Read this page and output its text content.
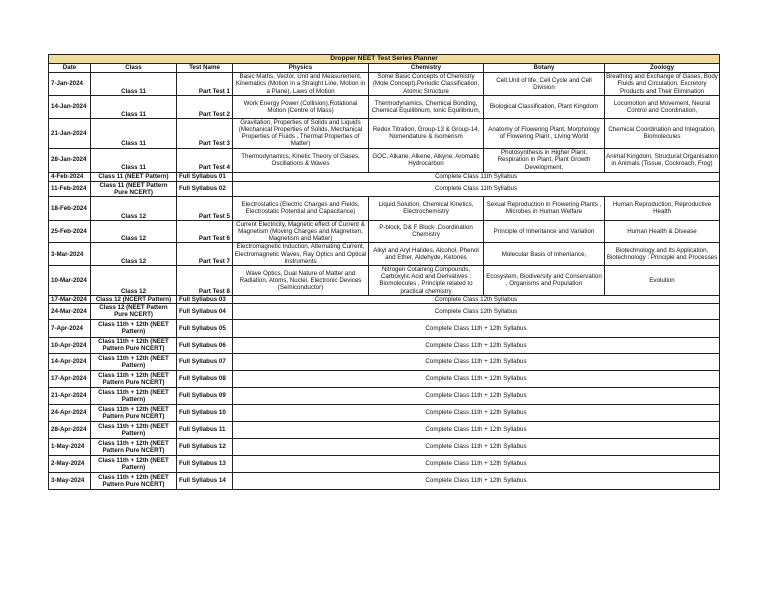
Dropper NEET Test Series Planner						
Date	Class	Test Name	Physics	Chemistry	Botany	Zoology
7-Jan-2024	Class 11	Part Test 1	Basic Maths, Vector, Unit and Measurement, Kinematics (Motion in a Straight Line, Motion in a Plane), Laws of Motion	Some Basic Concepts of Chemistry (Mole Concept),Periodic Classification, Atomic Structure	Cell:Unit of life, Cell Cycle and Cell Division	Breathing and Exchange of Gases, Body Fluids and Circulation, Excretory Products and Their Elimination
14-Jan-2024	Class 11	Part Test 2	Work Energy Power (Collision),Rotational Motion (Centre of Mass)	Thermodynamics, Chemical Bonding, Chemical Equilibrium, Ionic Equilibrium,	Biological Classification, Plant Kingdom	Locomotion and Movement, Neural Control and Coordination,
21-Jan-2024	Class 11	Part Test 3	Gravitation, Properties of Solids and Liquids (Mechanical Properties of Solids, Mechanical Properties of Fluids , Thermal Properties of Matter)	Redox Titration, Group-13 & Group-14, Nomendature & Isomerism	Anatomy of Flowering Plant, Morphology of Flowering Plant , Living World	Chemical Coordination and Integration, Biomolecules
28-Jan-2024	Class 11	Part Test 4	Thermodynamics, Kinetic Theory of Gases, Oscillations & Waves	GOC, Alkane, Alkene, Alkyne, Aromatic Hydrocarbon	Photosynthesis in Higher Plant, Respiration in Plant, Plant Growth Development,	Animal Kingdom, Structural Organisation in Animals (Tissue, Cockroach, Frog)
4-Feb-2024	Class 11 (NEET Pattern)	Full Syllabus 01	Complete Class 11th Syllabus			
11-Feb-2024	Class 11 (NEET Pattern Pure NCERT)	Full Syllabus 02	Complete Class 11th Syllabus			
18-Feb-2024	Class 12	Part Test 5	Electrostatics (Electric Charges and Fields, Electrostatic Potential and Capacitance)	Liquid Solution, Chemical Kinetics, Electrochemistry	Sexual Reproduction in Flowering Plants , Microbes in Human Welfare	Human Reproduction, Reproductive Health
25-Feb-2024	Class 12	Part Test 6	Current Electricity, Magnetic effect of Current & Magnetism (Moving Charges and Magnetism, Magnetism and Matter)	P-block, D& F Block ,Coordination Chemistry	Principle of Inheritance and Variation	Human Health & Disease
3-Mar-2024	Class 12	Part Test 7	Electromagnetic Induction, Alternating Current, Electromagnetic Waves, Ray Optics and Optical Instruments	Alkyl and Aryl Halides, Alcohol, Phenol and Ether, Aldehyde, Ketones	Molecular Basis of Inheritance,	Biotechnology and Its Application, Biotechnology : Principle and Processes
10-Mar-2024	Class 12	Part Test 8	Wave Optics, Dual Nature of Matter and Radiation, Atoms, Nuclei, Electronic Devices (Semiconductor)	Nitrogen Cotaining Compounds, Carboxylic Acid and Derivatives , Biomolecules , Principle related to practical chemistry	Ecosystem, Biodiversity and Conservation , Organisms and Population	Evolution
17-Mar-2024	Class 12 (NCERT Pattern)	Full Syllabus 03	Complete Class 12th Syllabus			
24-Mar-2024	Class 12 (NEET Pattern Pure NCERT)	Full Syllabus 04	Complete Class 12th Syllabus			
7-Apr-2024	Class 11th + 12th (NEET Pattern)	Full Syllabus 05	Complete Class 11th + 12th Syllabus			
10-Apr-2024	Class 11th + 12th (NEET Pattern Pure NCERT)	Full Syllabus 06	Complete Class 11th + 12th Syllabus			
14-Apr-2024	Class 11th + 12th (NEET Pattern)	Full Syllabus 07	Complete Class 11th + 12th Syllabus			
17-Apr-2024	Class 11th + 12th (NEET Pattern Pure NCERT)	Full Syllabus 08	Complete Class 11th + 12th Syllabus			
21-Apr-2024	Class 11th + 12th (NEET Pattern)	Full Syllabus 09	Complete Class 11th + 12th Syllabus			
24-Apr-2024	Class 11th + 12th (NEET Pattern Pure NCERT)	Full Syllabus 10	Complete Class 11th + 12th Syllabus			
28-Apr-2024	Class 11th + 12th (NEET Pattern)	Full Syllabus 11	Complete Class 11th + 12th Syllabus			
1-May-2024	Class 11th + 12th (NEET Pattern Pure NCERT)	Full Syllabus 12	Complete Class 11th + 12th Syllabus			
2-May-2024	Class 11th + 12th (NEET Pattern)	Full Syllabus 13	Complete Class 11th + 12th Syllabus			
3-May-2024	Class 11th + 12th (NEET Pattern Pure NCERT)	Full Syllabus 14	Complete Class 11th + 12th Syllabus			
